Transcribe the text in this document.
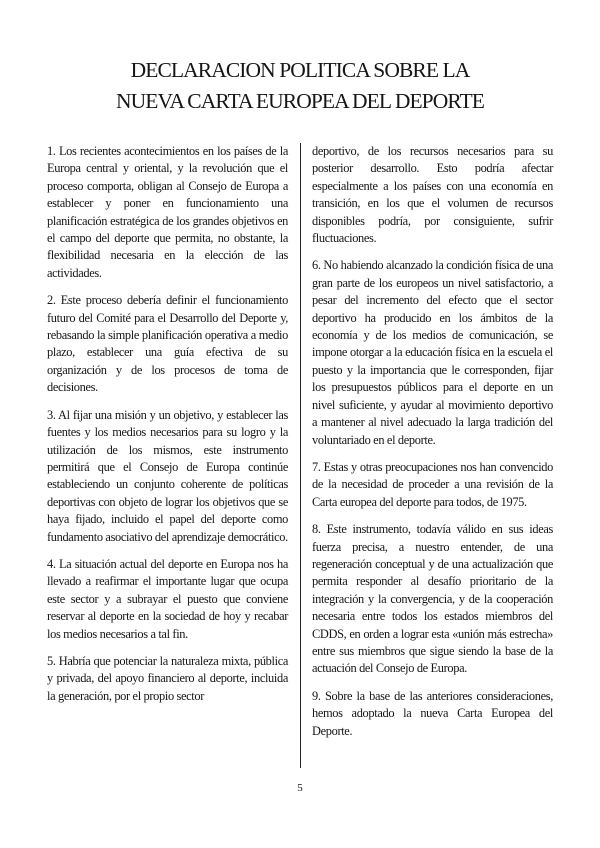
DECLARACION POLITICA SOBRE LA
NUEVA CARTA EUROPEA DEL DEPORTE

1. Los recientes acontecimientos en los países de la Europa central y oriental, y la revolución que el proceso comporta, obligan al Consejo de Europa a establecer y poner en funcionamiento una planificación estratégica de los grandes objetivos en el campo del deporte que permita, no obstante, la flexibilidad necesaria en la elección de las actividades.

2. Este proceso debería definir el funcionamiento futuro del Comité para el Desarrollo del Deporte y, rebasando la simple planificación operativa a medio plazo, establecer una guía efectiva de su organización y de los procesos de toma de decisiones.

3. Al fijar una misión y un objetivo, y establecer las fuentes y los medios necesarios para su logro y la utilización de los mismos, este instrumento permitirá que el Consejo de Europa continúe estableciendo un conjunto coherente de políticas deportivas con objeto de lograr los objetivos que se haya fijado, incluido el papel del deporte como fundamento asociativo del aprendizaje democrático.

4. La situación actual del deporte en Europa nos ha llevado a reafirmar el importante lugar que ocupa este sector y a subrayar el puesto que conviene reservar al deporte en la sociedad de hoy y recabar los medios necesarios a tal fin.

5. Habría que potenciar la naturaleza mixta, pública y privada, del apoyo financiero al deporte, incluida la generación, por el propio sector

deportivo, de los recursos necesarios para su posterior desarrollo. Esto podría afectar especialmente a los países con una economía en transición, en los que el volumen de recursos disponibles podría, por consiguiente, sufrir fluctuaciones.

6. No habiendo alcanzado la condición física de una gran parte de los europeos un nivel satisfactorio, a pesar del incremento del efecto que el sector deportivo ha producido en los ámbitos de la economía y de los medios de comunicación, se impone otorgar a la educación física en la escuela el puesto y la importancia que le corresponden, fijar los presupuestos públicos para el deporte en un nivel suficiente, y ayudar al movimiento deportivo a mantener al nivel adecuado la larga tradición del voluntariado en el deporte.

7. Estas y otras preocupaciones nos han convencido de la necesidad de proceder a una revisión de la Carta europea del deporte para todos, de 1975.

8. Este instrumento, todavía válido en sus ideas fuerza precisa, a nuestro entender, de una regeneración conceptual y de una actualización que permita responder al desafío prioritario de la integración y la convergencia, y de la cooperación necesaria entre todos los estados miembros del CDDS, en orden a lograr esta «unión más estrecha» entre sus miembros que sigue siendo la base de la actuación del Consejo de Europa.

9. Sobre la base de las anteriores consideraciones, hemos adoptado la nueva Carta Europea del Deporte.

5
